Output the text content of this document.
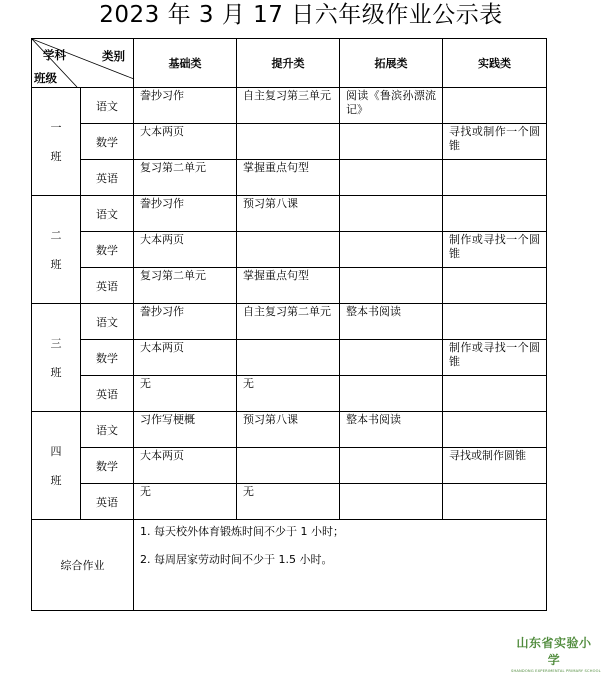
2023 年 3 月 17 日六年级作业公示表
学科 类别
班级		基础类	提升类	拓展类	实践类

一
班	语文	誊抄习作	自主复习第三单元	阅读《鲁滨孙漂流记》	
	数学	大本两页			寻找或制作一个圆锥
	英语	复习第二单元	掌握重点句型		

二
班	语文	誊抄习作	预习第八课		
	数学	大本两页			制作或寻找一个圆锥
	英语	复习第二单元	掌握重点句型		

三
班	语文	誊抄习作	自主复习第二单元	整本书阅读	
	数学	大本两页			制作或寻找一个圆锥
	英语	无	无		

四
班	语文	习作写梗概	预习第八课	整本书阅读	
	数学	大本两页			寻找或制作圆锥
	英语	无	无		
综合作业		1. 每天校外体育锻炼时间不少于 1 小时；
2. 每周居家劳动时间不少于 1.5 小时。			
山东省实验小学
SHANDONG EXPERIMENTAL PRIMARY SCHOOL
